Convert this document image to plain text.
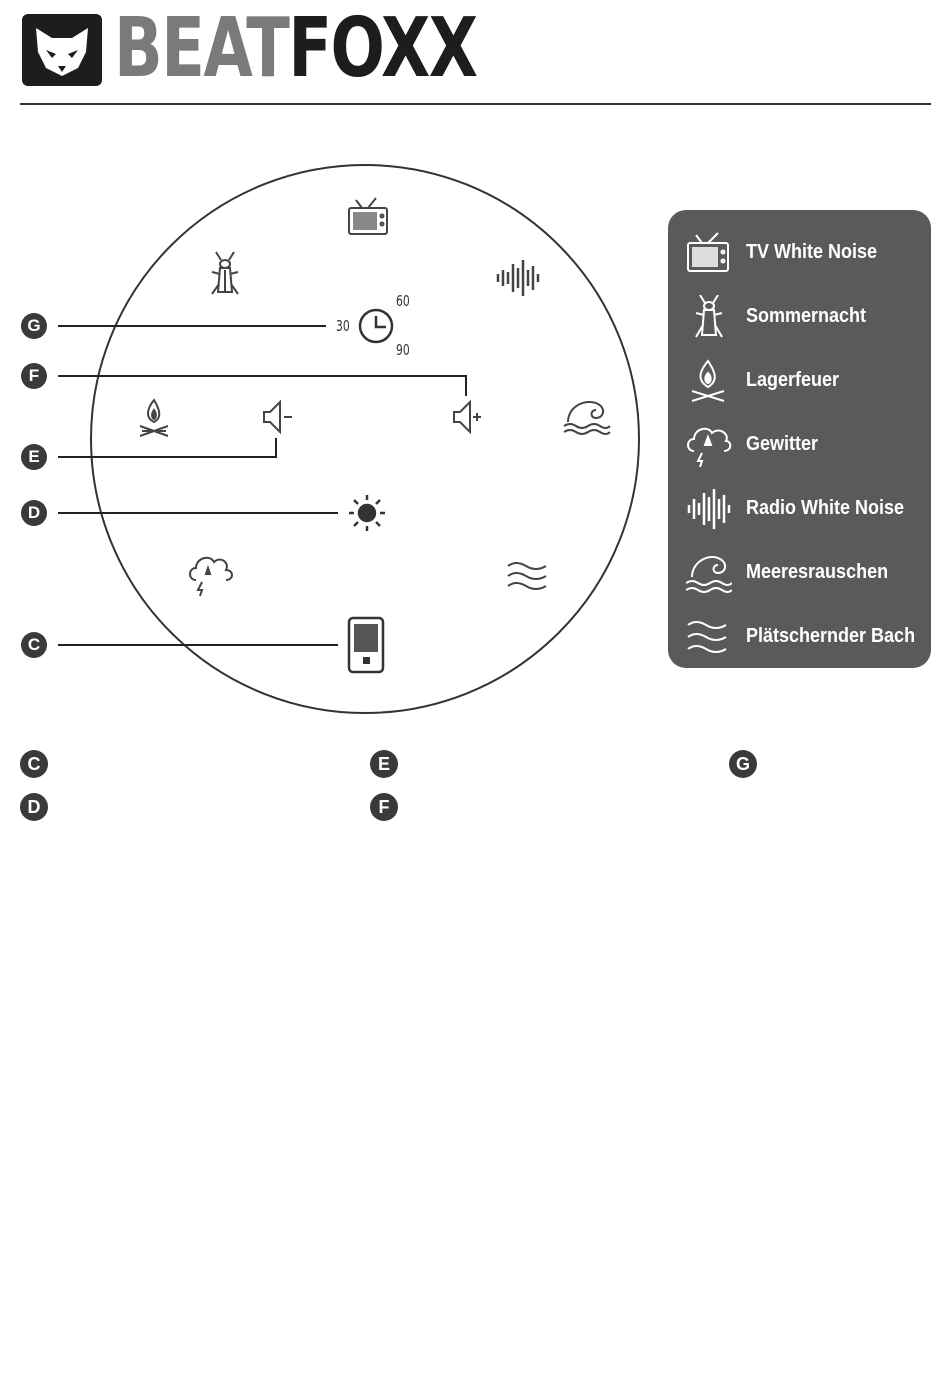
BEATFOXX
30
60
90
G
F
E
D
C
TV White Noise
Sommernacht
Lagerfeuer
Gewitter
Radio White Noise
Meeresrauschen
Plätschernder Bach
C
D
E
F
G
